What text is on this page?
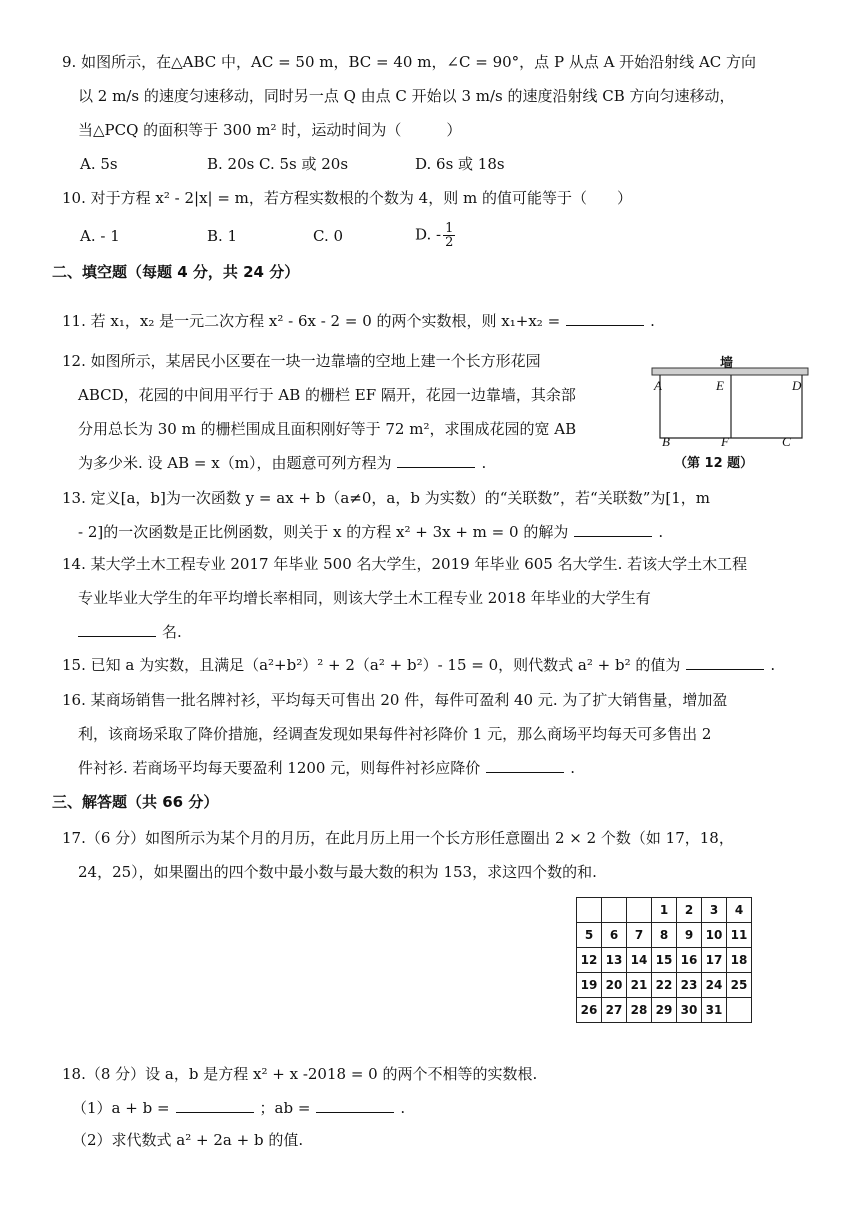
9. 如图所示，在△ABC 中，AC = 50 m，BC = 40 m，∠C = 90°，点 P 从点 A 开始沿射线 AC 方向
以 2 m/s 的速度匀速移动，同时另一点 Q 由点 C 开始以 3 m/s 的速度沿射线 CB 方向匀速移动，
当△PCQ 的面积等于 300 m² 时，运动时间为（　　　）
A. 5s	B. 20s C. 5s 或 20s	D. 6s 或 18s
10. 对于方程 x² - 2|x| = m，若方程实数根的个数为 4，则 m 的值可能等于（　　）
A. - 1	B. 1	C. 0	D. - $\frac{1}{2}$
二、填空题（每题 4 分，共 24 分）
11. 若 x₁，x₂ 是一元二次方程 x² - 6x - 2 = 0 的两个实数根，则 x₁+x₂ =	.
12. 如图所示，某居民小区要在一块一边靠墙的空地上建一个长方形花园
ABCD，花园的中间用平行于 AB 的栅栏 EF 隔开，花园一边靠墙，其余部
分用总长为 30 m 的栅栏围成且面积刚好等于 72 m²，求围成花园的宽 AB
为多少米. 设 AB = x（m），由题意可列方程为	.
墙
A	E	D
B	F	C
（第 12 题）
13. 定义[a，b]为一次函数 y = ax + b（a≠0，a，b 为实数）的“关联数”，若“关联数”为[1，m
- 2]的一次函数是正比例函数，则关于 x 的方程 x² + 3x + m = 0 的解为	.
14. 某大学土木工程专业 2017 年毕业 500 名大学生，2019 年毕业 605 名大学生. 若该大学土木工程
专业毕业大学生的年平均增长率相同，则该大学土木工程专业 2018 年毕业的大学生有
名.
15. 已知 a 为实数，且满足（a²+b²）² + 2（a² + b²）- 15 = 0，则代数式 a² + b² 的值为	.
16. 某商场销售一批名牌衬衫，平均每天可售出 20 件，每件可盈利 40 元. 为了扩大销售量，增加盈
利，该商场采取了降价措施，经调查发现如果每件衬衫降价 1 元，那么商场平均每天可多售出 2
件衬衫. 若商场平均每天要盈利 1200 元，则每件衬衫应降价	.
三、解答题（共 66 分）
17.（6 分）如图所示为某个月的月历，在此月历上用一个长方形任意圈出 2 × 2 个数（如 17，18，
24，25），如果圈出的四个数中最小数与最大数的积为 153，求这四个数的和.
			1	2	3	4
5	6	7	8	9	10	11
12	13	14	15	16	17	18
19	20	21	22	23	24	25
26	27	28	29	30	31	
18.（8 分）设 a，b 是方程 x² + x -2018 = 0 的两个不相等的实数根.
（1）a + b =	；ab =	.
（2）求代数式 a² + 2a + b 的值.
